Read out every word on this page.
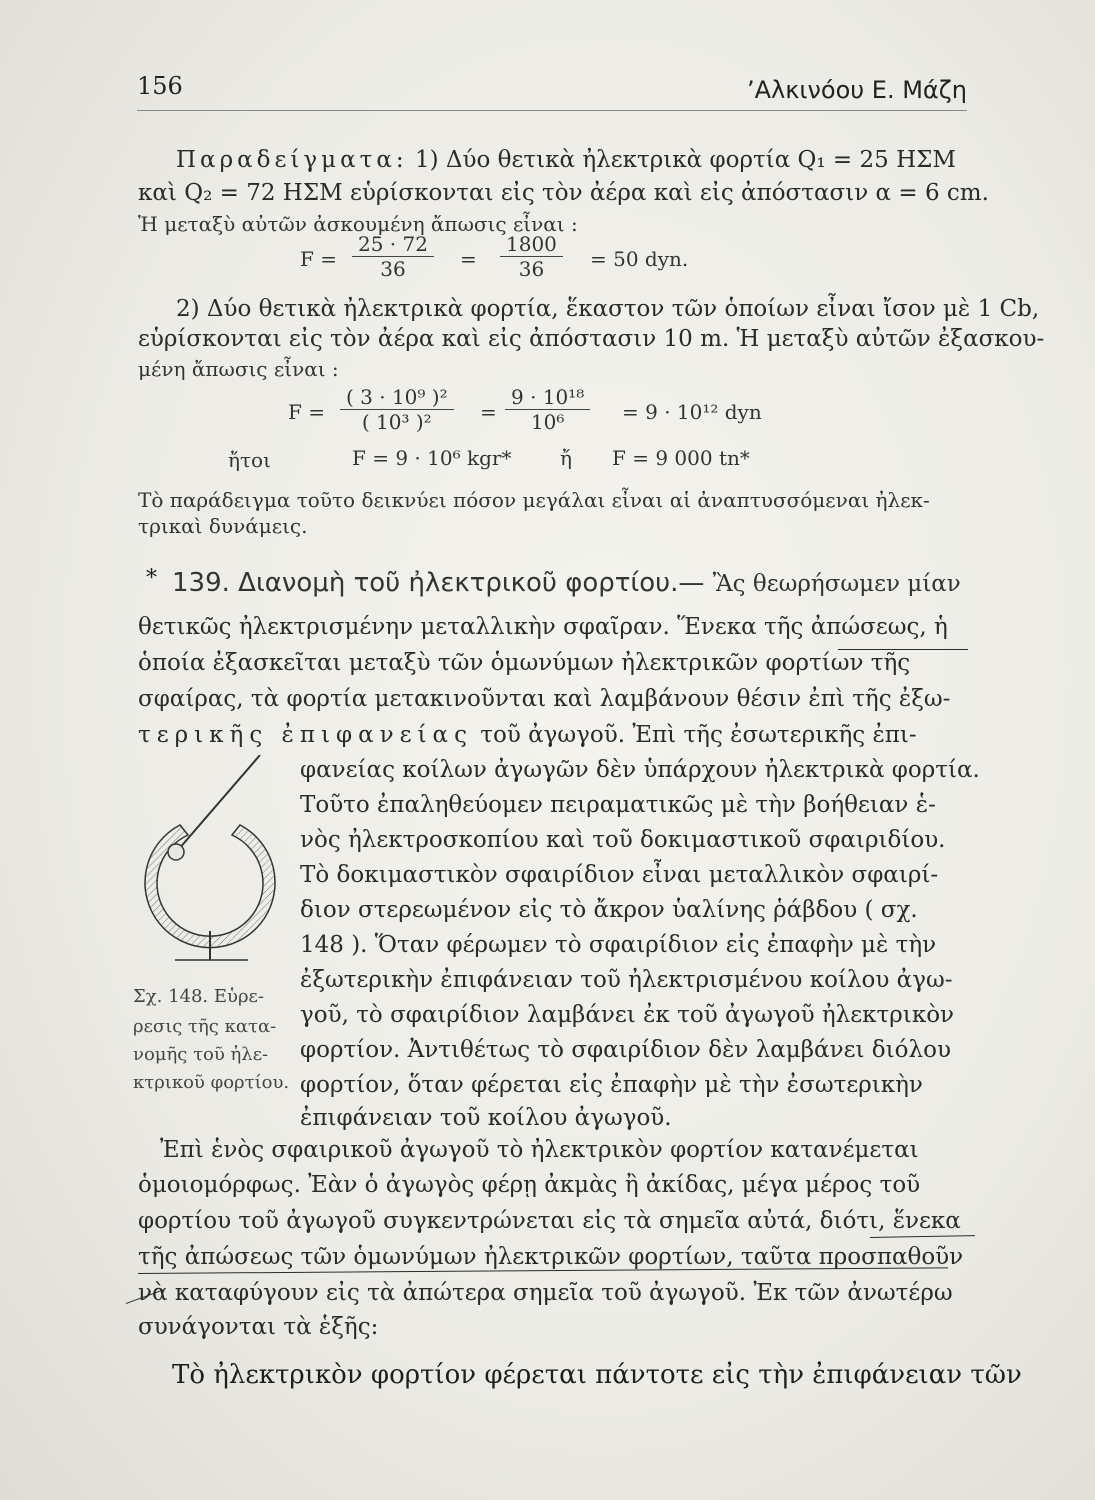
156	’Αλκινόου Ε. Μάζη
Παραδείγματα: 1) Δύο θετικὰ ἠλεκτρικὰ φορτία Q₁ = 25 ΗΣΜ
καὶ Q₂ = 72 ΗΣΜ εὑρίσκονται εἰς τὸν ἀέρα καὶ εἰς ἀπόστασιν α = 6 cm.
Ἡ μεταξὺ αὐτῶν ἀσκουμένη ἄπωσις εἶναι :
$F = \frac{25 \cdot 72}{36} = \frac{1800}{36} = 50$ dyn.
2) Δύο θετικὰ ἠλεκτρικὰ φορτία, ἕκαστον τῶν ὁποίων εἶναι ἴσον μὲ 1 Cb,
εὑρίσκονται εἰς τὸν ἀέρα καὶ εἰς ἀπόστασιν 10 m. Ἡ μεταξὺ αὐτῶν ἐξασκου-
μένη ἄπωσις εἶναι :
$F = \frac{\text{( 3 · 10⁹ )²}}{\text{( 10³ )²}} = \frac{\text{9 · 10¹⁸}}{\text{10⁶}} = 9 \cdot 10^{12}$ dyn
ἤτοι	F = 9 · 10⁶ kgr* ἤ F = 9 000 tn*
Τὸ παράδειγμα τοῦτο δεικνύει πόσον μεγάλαι εἶναι αἱ ἀναπτυσσόμεναι ἠλεκ-
τρικαὶ δυνάμεις.
* 139. Διανομὴ τοῦ ἠλεκτρικοῦ φορτίου.— Ἂς θεωρήσωμεν μίαν
θετικῶς ἠλεκτρισμένην μεταλλικὴν σφαῖραν. Ἕνεκα τῆς ἀπώσεως, ἡ
ὁποία ἐξασκεῖται μεταξὺ τῶν ὁμωνύμων ἠλεκτρικῶν φορτίων τῆς
σφαίρας, τὰ φορτία μετακινοῦνται καὶ λαμβάνουν θέσιν ἐπὶ τῆς ἐξω-
τερικῆς ἐπιφανείας τοῦ ἀγωγοῦ. Ἐπὶ τῆς ἐσωτερικῆς ἐπι-
φανείας κοίλων ἀγωγῶν δὲν ὑπάρχουν ἠλεκτρικὰ φορτία.
Τοῦτο ἐπαληθεύομεν πειραματικῶς μὲ τὴν βοήθειαν ἑ-
νὸς ἠλεκτροσκοπίου καὶ τοῦ δοκιμαστικοῦ σφαιριδίου.
Τὸ δοκιμαστικὸν σφαιρίδιον εἶναι μεταλλικὸν σφαιρί-
διον στερεωμένον εἰς τὸ ἄκρον ὑαλίνης ῥάβδου ( σχ.
148 ). Ὅταν φέρωμεν τὸ σφαιρίδιον εἰς ἐπαφὴν μὲ τὴν
ἐξωτερικὴν ἐπιφάνειαν τοῦ ἠλεκτρισμένου κοίλου ἀγω-
γοῦ, τὸ σφαιρίδιον λαμβάνει ἐκ τοῦ ἀγωγοῦ ἠλεκτρικὸν
φορτίον. Ἀντιθέτως τὸ σφαιρίδιον δὲν λαμβάνει διόλου
φορτίον, ὅταν φέρεται εἰς ἐπαφὴν μὲ τὴν ἐσωτερικὴν
ἐπιφάνειαν τοῦ κοίλου ἀγωγοῦ.
Σχ. 148. Εὑρε-
ρεσις τῆς κατα-
νομῆς τοῦ ἠλε-
κτρικοῦ φορτίου.
Ἐπὶ ἑνὸς σφαιρικοῦ ἀγωγοῦ τὸ ἠλεκτρικὸν φορτίον κατανέμεται
ὁμοιομόρφως. Ἐὰν ὁ ἀγωγὸς φέρῃ ἀκμὰς ἢ ἀκίδας, μέγα μέρος τοῦ
φορτίου τοῦ ἀγωγοῦ συγκεντρώνεται εἰς τὰ σημεῖα αὐτά, διότι, ἕνεκα
τῆς ἀπώσεως τῶν ὁμωνύμων ἠλεκτρικῶν φορτίων, ταῦτα προσπαθοῦν
νὰ καταφύγουν εἰς τὰ ἀπώτερα σημεῖα τοῦ ἀγωγοῦ. Ἐκ τῶν ἀνωτέρω
συνάγονται τὰ ἑξῆς:
Τὸ ἠλεκτρικὸν φορτίον φέρεται πάντοτε εἰς τὴν ἐπιφάνειαν τῶν
